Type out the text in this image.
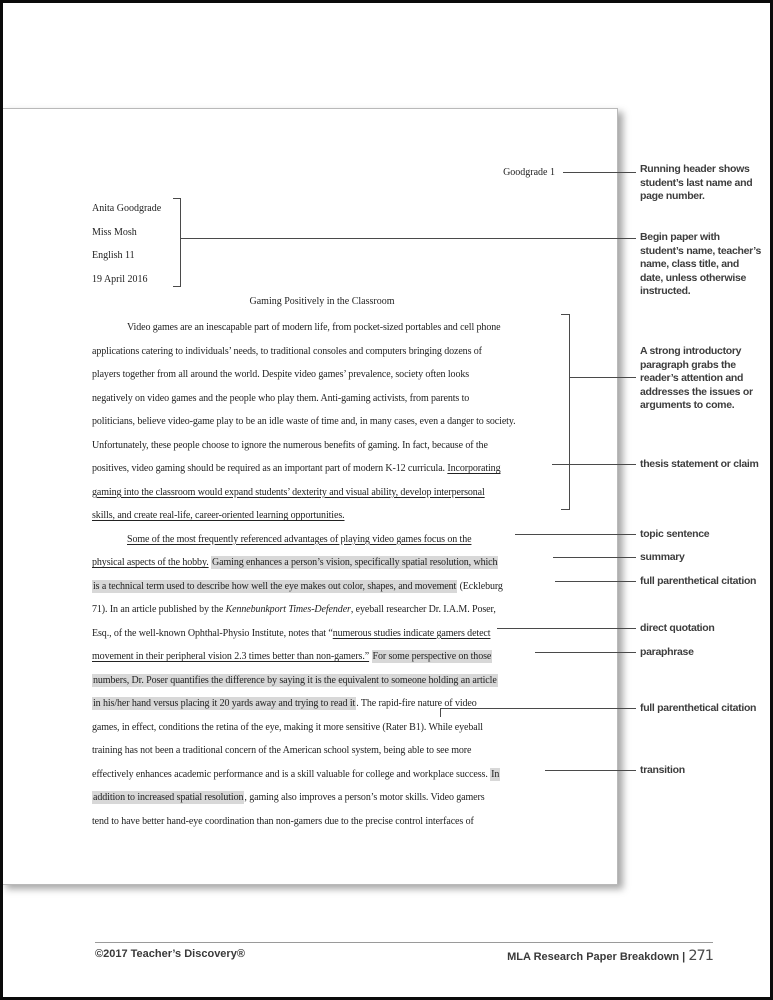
Goodgrade 1
Anita Goodgrade
Miss Mosh
English 11
19 April 2016
Gaming Positively in the Classroom
Video games are an inescapable part of modern life, from pocket-sized portables and cell phone
applications catering to individuals’ needs, to traditional consoles and computers bringing dozens of
players together from all around the world. Despite video games’ prevalence, society often looks
negatively on video games and the people who play them. Anti-gaming activists, from parents to
politicians, believe video-game play to be an idle waste of time and, in many cases, even a danger to society.
Unfortunately, these people choose to ignore the numerous benefits of gaming. In fact, because of the
positives, video gaming should be required as an important part of modern K-12 curricula. Incorporating
gaming into the classroom would expand students’ dexterity and visual ability, develop interpersonal
skills, and create real-life, career-oriented learning opportunities.
Some of the most frequently referenced advantages of playing video games focus on the
physical aspects of the hobby. Gaming enhances a person’s vision, specifically spatial resolution, which
is a technical term used to describe how well the eye makes out color, shapes, and movement (Eckleburg
71). In an article published by the Kennebunkport Times-Defender, eyeball researcher Dr. I.A.M. Poser,
Esq., of the well-known Ophthal-Physio Institute, notes that “numerous studies indicate gamers detect
movement in their peripheral vision 2.3 times better than non-gamers.” For some perspective on those
numbers, Dr. Poser quantifies the difference by saying it is the equivalent to someone holding an article
in his/her hand versus placing it 20 yards away and trying to read it. The rapid-fire nature of video
games, in effect, conditions the retina of the eye, making it more sensitive (Rater B1). While eyeball
training has not been a traditional concern of the American school system, being able to see more
effectively enhances academic performance and is a skill valuable for college and workplace success. In
addition to increased spatial resolution, gaming also improves a person’s motor skills. Video gamers
tend to have better hand-eye coordination than non-gamers due to the precise control interfaces of
Running header shows student’s last name and page number.
Begin paper with student’s name, teacher’s name, class title, and date, unless otherwise instructed.
A strong introductory paragraph grabs the reader’s attention and addresses the issues or arguments to come.
thesis statement or claim
topic sentence
summary
full parenthetical citation
direct quotation
paraphrase
full parenthetical citation
transition
©2017 Teacher’s Discovery®	MLA Research Paper Breakdown | 271
